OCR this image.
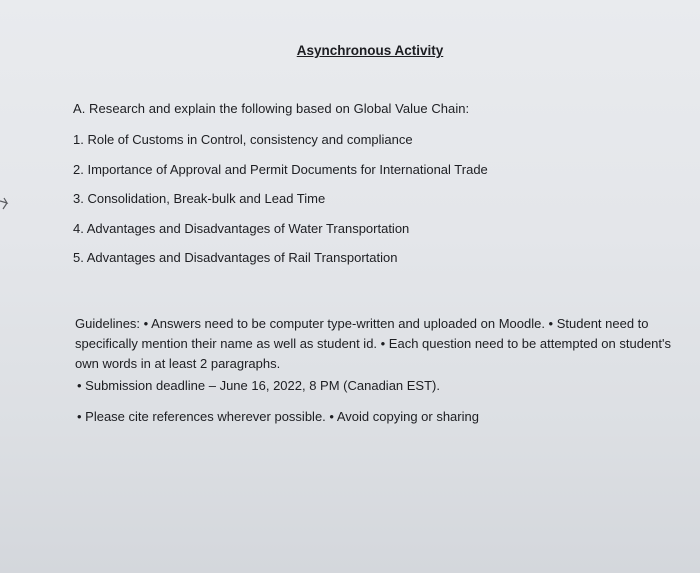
Asynchronous Activity
A. Research and explain the following based on Global Value Chain:
1. Role of Customs in Control, consistency and compliance
2. Importance of Approval and Permit Documents for International Trade
3. Consolidation, Break-bulk and Lead Time
4. Advantages and Disadvantages of Water Transportation
5. Advantages and Disadvantages of Rail Transportation
Guidelines: • Answers need to be computer type-written and uploaded on Moodle. • Student need to specifically mention their name as well as student id. • Each question need to be attempted on student's own words in at least 2 paragraphs.
• Submission deadline – June 16, 2022, 8 PM (Canadian EST).
• Please cite references wherever possible. • Avoid copying or sharing
